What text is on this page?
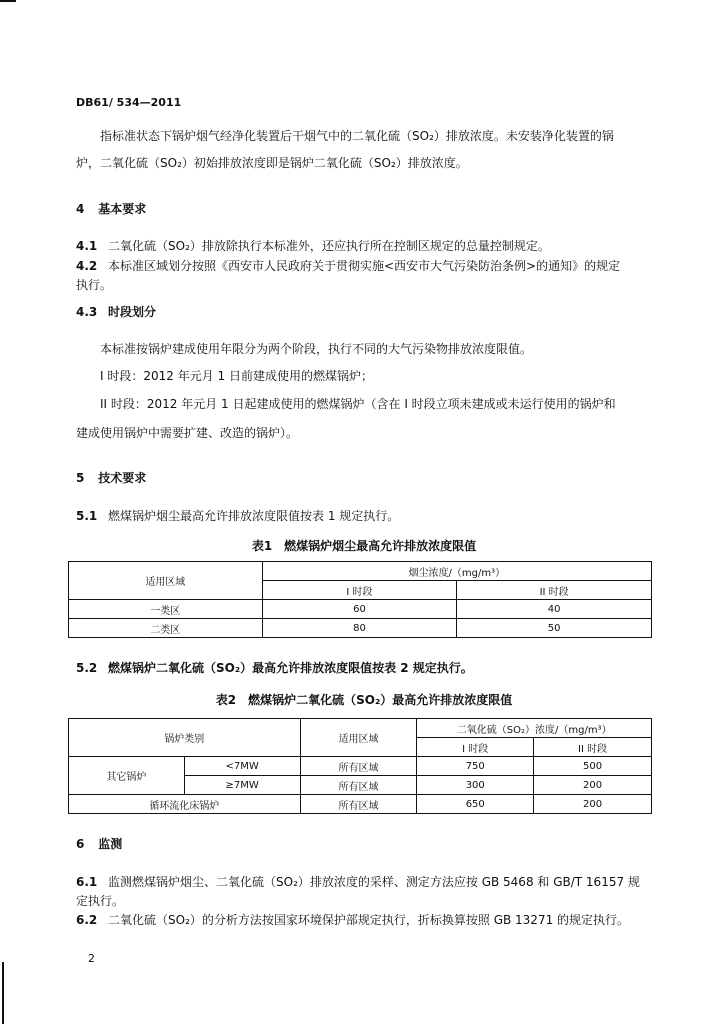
DB61/ 534—2011
指标准状态下锅炉烟气经净化装置后干烟气中的二氧化硫（SO₂）排放浓度。未安装净化装置的锅
炉，二氧化硫（SO₂）初始排放浓度即是锅炉二氧化硫（SO₂）排放浓度。
4 基本要求
4.1 二氧化硫（SO₂）排放除执行本标准外，还应执行所在控制区规定的总量控制规定。
4.2 本标准区域划分按照《西安市人民政府关于贯彻实施<西安市大气污染防治条例>的通知》的规定
执行。
4.3 时段划分
本标准按锅炉建成使用年限分为两个阶段，执行不同的大气污染物排放浓度限值。
I 时段：2012 年元月 1 日前建成使用的燃煤锅炉；
II 时段：2012 年元月 1 日起建成使用的燃煤锅炉（含在 I 时段立项未建成或未运行使用的锅炉和
建成使用锅炉中需要扩建、改造的锅炉）。
5 技术要求
5.1 燃煤锅炉烟尘最高允许排放浓度限值按表 1 规定执行。
表1　燃煤锅炉烟尘最高允许排放浓度限值
适用区域	烟尘浓度/（mg/m³）	
	I 时段	II 时段
一类区	60	40
二类区	80	50
5.2 燃煤锅炉二氧化硫（SO₂）最高允许排放浓度限值按表 2 规定执行。
表2　燃煤锅炉二氧化硫（SO₂）最高允许排放浓度限值
锅炉类别		适用区域	二氧化硫（SO₂）浓度/（mg/m³）	
			I 时段	II 时段
其它锅炉	<7MW	所有区域	750	500
	≥7MW	所有区域	300	200
循环流化床锅炉		所有区域	650	200
6 监测
6.1 监测燃煤锅炉烟尘、二氧化硫（SO₂）排放浓度的采样、测定方法应按 GB 5468 和 GB/T 16157 规
定执行。
6.2 二氧化硫（SO₂）的分析方法按国家环境保护部规定执行，折标换算按照 GB 13271 的规定执行。
2
